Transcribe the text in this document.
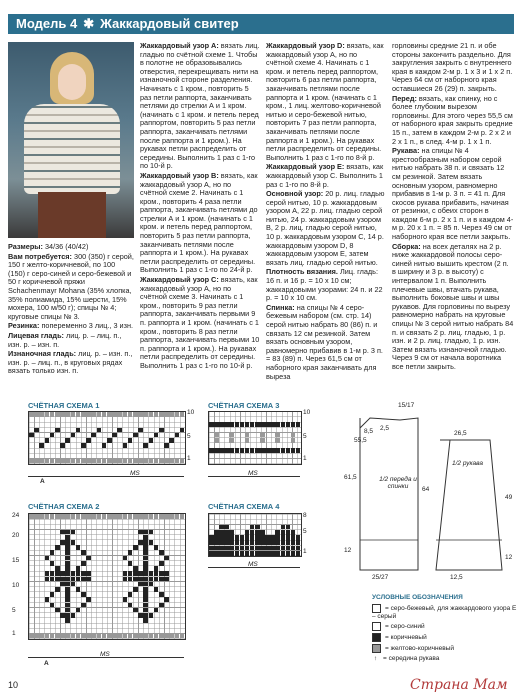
Модель 4 ✱ Жаккардовый свитер

Размеры: 34/36 (40/42)

Вам потребуется: 300 (350) г серой, 150 г желто-коричневой, по 100 (150) г серо-синей и серо-бежевой и 50 г коричневой пряжи Schachenmayr Mohana (35% хлопка, 35% полиамида, 15% шерсти, 15% мохера, 100 м/50 г); спицы № 4; круговые спицы № 3.

Резинка: попеременно 3 лиц., 3 изн.

Лицевая гладь: лиц. р. – лиц. п., изн. р. – изн. п.

Изнаночная гладь: лиц. р. – изн. п., изн. р. – лиц. п., в круговых рядах вязать только изн. п.

Жаккардовый узор А: вязать лиц. гладью по счётной схеме 1. Чтобы в полотне не образовывались отверстия, перекрещивать нити на изнаночной стороне разделения. Начинать с 1 кром., повторить 5 раз петли раппорта, заканчивать петлями до стрелки А и 1 кром. (начинать с 1 кром. и петель перед раппортом, повторить 5 раз петли раппорта, заканчивать петлями после раппорта и 1 кром.). На рукавах петли распределить от середины. Выполнить 1 раз с 1-го по 10-й р.

Жаккардовый узор B: вязать, как жаккардовый узор А, но по счётной схеме 2. Начинать с 1 кром., повторить 4 раза петли раппорта, заканчивать петлями до стрелки А и 1 кром. (начинать с 1 кром. и петель перед раппортом, повторить 5 раз петли раппорта, заканчивать петлями после раппорта и 1 кром.). На рукавах петли распределить от середины. Выполнить 1 раз с 1-го по 24-й р.

Жаккардовый узор С: вязать, как жаккардовый узор А, но по счётной схеме 3. Начинать с 1 кром., повторить 9 раз петли раппорта, заканчивать первыми 9 п. раппорта и 1 кром. (начинать с 1 кром., повторить 8 раз петли раппорта, заканчивать первыми 10 п. раппорта и 1 кром.). На рукавах петли распределить от середины. Выполнить 1 раз с 1-го по 10-й р.

Жаккардовый узор D: вязать, как жаккардовый узор А, но по счётной схеме 4. Начинать с 1 кром. и петель перед раппортом, повторить 6 раз петли раппорта, заканчивать петлями после раппорта и 1 кром. (начинать с 1 кром., 1 лиц. желтово-коричневой нитью и серо-бежевой нитью, повторить 7 раз петли раппорта, заканчивать петлями после раппорта и 1 кром.). На рукавах петли распределить от середины. Выполнить 1 раз с 1-го по 8-й р.

Жаккардовый узор Е: вязать, как жаккардовый узор С. Выполнить 1 раз с 1-го по 8-й р.

Основной узор: 20 р. лиц. гладью серой нитью, 10 р. жаккардовым узором А, 22 р. лиц. гладью серой нитью, 24 р. жаккардовым узором B, 2 р. лиц. гладью серой нитью, 10 р. жаккардовым узором С, 14 р. жаккардовым узором D, 8 жаккардовым узором Е, затем вязать лиц. гладью серой нитью.

Плотность вязания. Лиц. гладь: 16 п. и 16 р. = 10 х 10 см; жаккардовыми узорами: 24 п. и 22 р. = 10 х 10 см.

Спинка: на спицы № 4 серо-бежевым набором (см. стр. 14) серой нитью набрать 80 (86) п. и связать 12 см резинкой. Затем вязать основным узором, равномерно прибавив в 1-м р. 3 п. = 83 (89) п. Через 61,5 см от наборного края заканчивать для выреза

горловины средние 21 п. и обе стороны закончить раздельно. Для закругления закрыть с внутреннего края в каждом 2-м р. 1 х 3 и 1 х 2 п. Через 64 см от наборного края оставшиеся 26 (29) п. закрыть.

Перед: вязать, как спинку, но с более глубоким вырезом горловины. Для этого через 55,5 см от наборного края закрыть средние 15 п., затем в каждом 2-м р. 2 х 2 и 2 х 1 п., в след. 4-м р. 1 х 1 п.

Рукава: на спицы № 4 крестообразным набором серой нитью набрать 38 п. и связать 12 см резинкой. Затем вязать основным узором, равномерно прибавив в 1-м р. 3 п. = 41 п. Для скосов рукава прибавить, начиная от резинки, с обеих сторон в каждом 6-м р. 2 х 1 п. и в каждом 4-м р. 20 х 1 п. = 85 п. Через 49 см от наборного края все петли закрыть.

Сборка: на всех деталях на 2 р. ниже жаккардовой полосы серо-синей нитью вышить крестом (2 п. в ширину и 3 р. в высоту) с интервалом 1 п. Выполнить плечевые швы, втачать рукава, выполнить боковые швы и швы рукавов. Для горловины по вырезу равномерно набрать на круговые спицы № 3 серой нитью набрать 84 п. и связать 2 р. лиц. гладью, 1 р. изн. и 2 р. лиц. гладью, 1 р. изн. Затем вязать изнаночной гладью. Через 9 см от начала воротника все петли закрыть.

СЧЁТНАЯ СХЕМА 1
10
5
1
A
MS
СЧЁТНАЯ СХЕМА 3
10
5
1
MS
СЧЁТНАЯ СХЕМА 2
24
20
15
10
5
1
A
MS
СЧЁТНАЯ СХЕМА 4
8
5
1
MS
1/2 переда и спинки
1/2 рукава
15/17
25/27
61,5
64
55,5
2,5
8,5
12
49
26,5
12
12,5
УСЛОВНЫЕ ОБОЗНАЧЕНИЯ
= серо-бежевый, для жаккардового узора Е – серый
= серо-синий
= коричневый
= желтово-коричневый
↑ = середина рукава
10	Страна Мам
